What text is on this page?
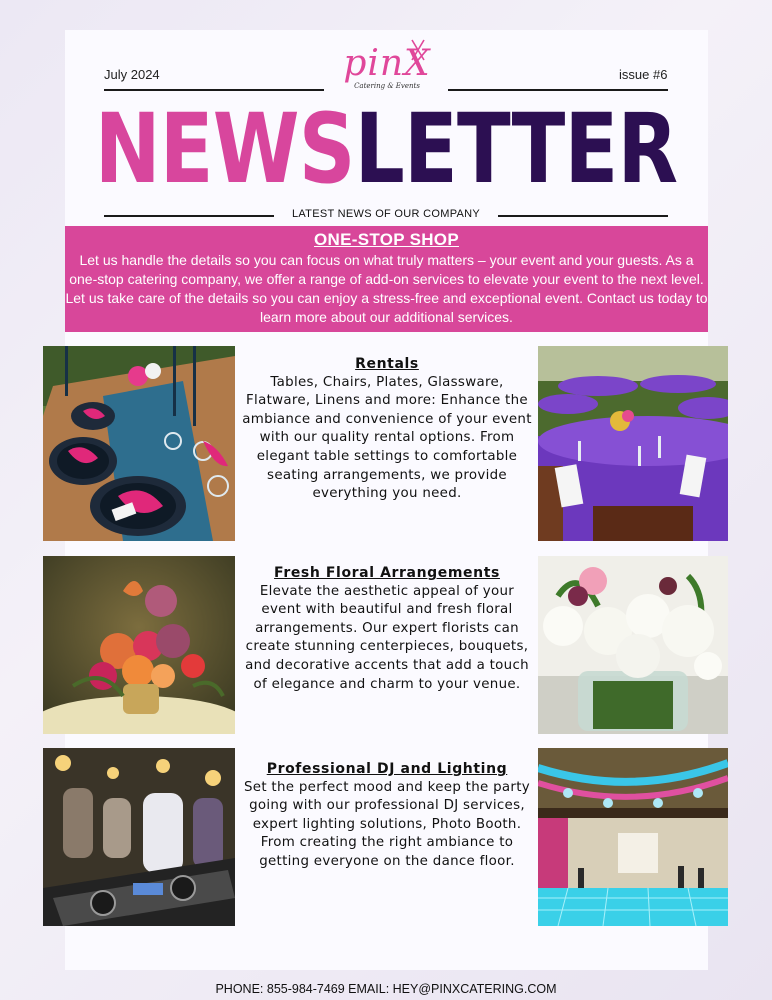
July 2024	issue #6
pinX
Catering & Events
NEWSLETTER
LATEST NEWS OF OUR COMPANY
ONE-STOP SHOP

Let us handle the details so you can focus on what truly matters – your event and your guests. As a one-stop catering company, we offer a range of add-on services to elevate your event to the next level. Let us take care of the details so you can enjoy a stress-free and exceptional event. Contact us today to learn more about our additional services.

Rentals

Tables, Chairs, Plates, Glassware, Flatware, Linens and more: Enhance the ambiance and convenience of your event with our quality rental options. From elegant table settings to comfortable seating arrangements, we provide everything you need.

Fresh Floral Arrangements

Elevate the aesthetic appeal of your event with beautiful and fresh floral arrangements. Our expert florists can create stunning centerpieces, bouquets, and decorative accents that add a touch of elegance and charm to your venue.

Professional DJ and Lighting

Set the perfect mood and keep the party going with our professional DJ services, expert lighting solutions, Photo Booth. From creating the right ambiance to getting everyone on the dance floor.

PHONE: 855-984-7469 EMAIL: HEY@PINXCATERING.COM
